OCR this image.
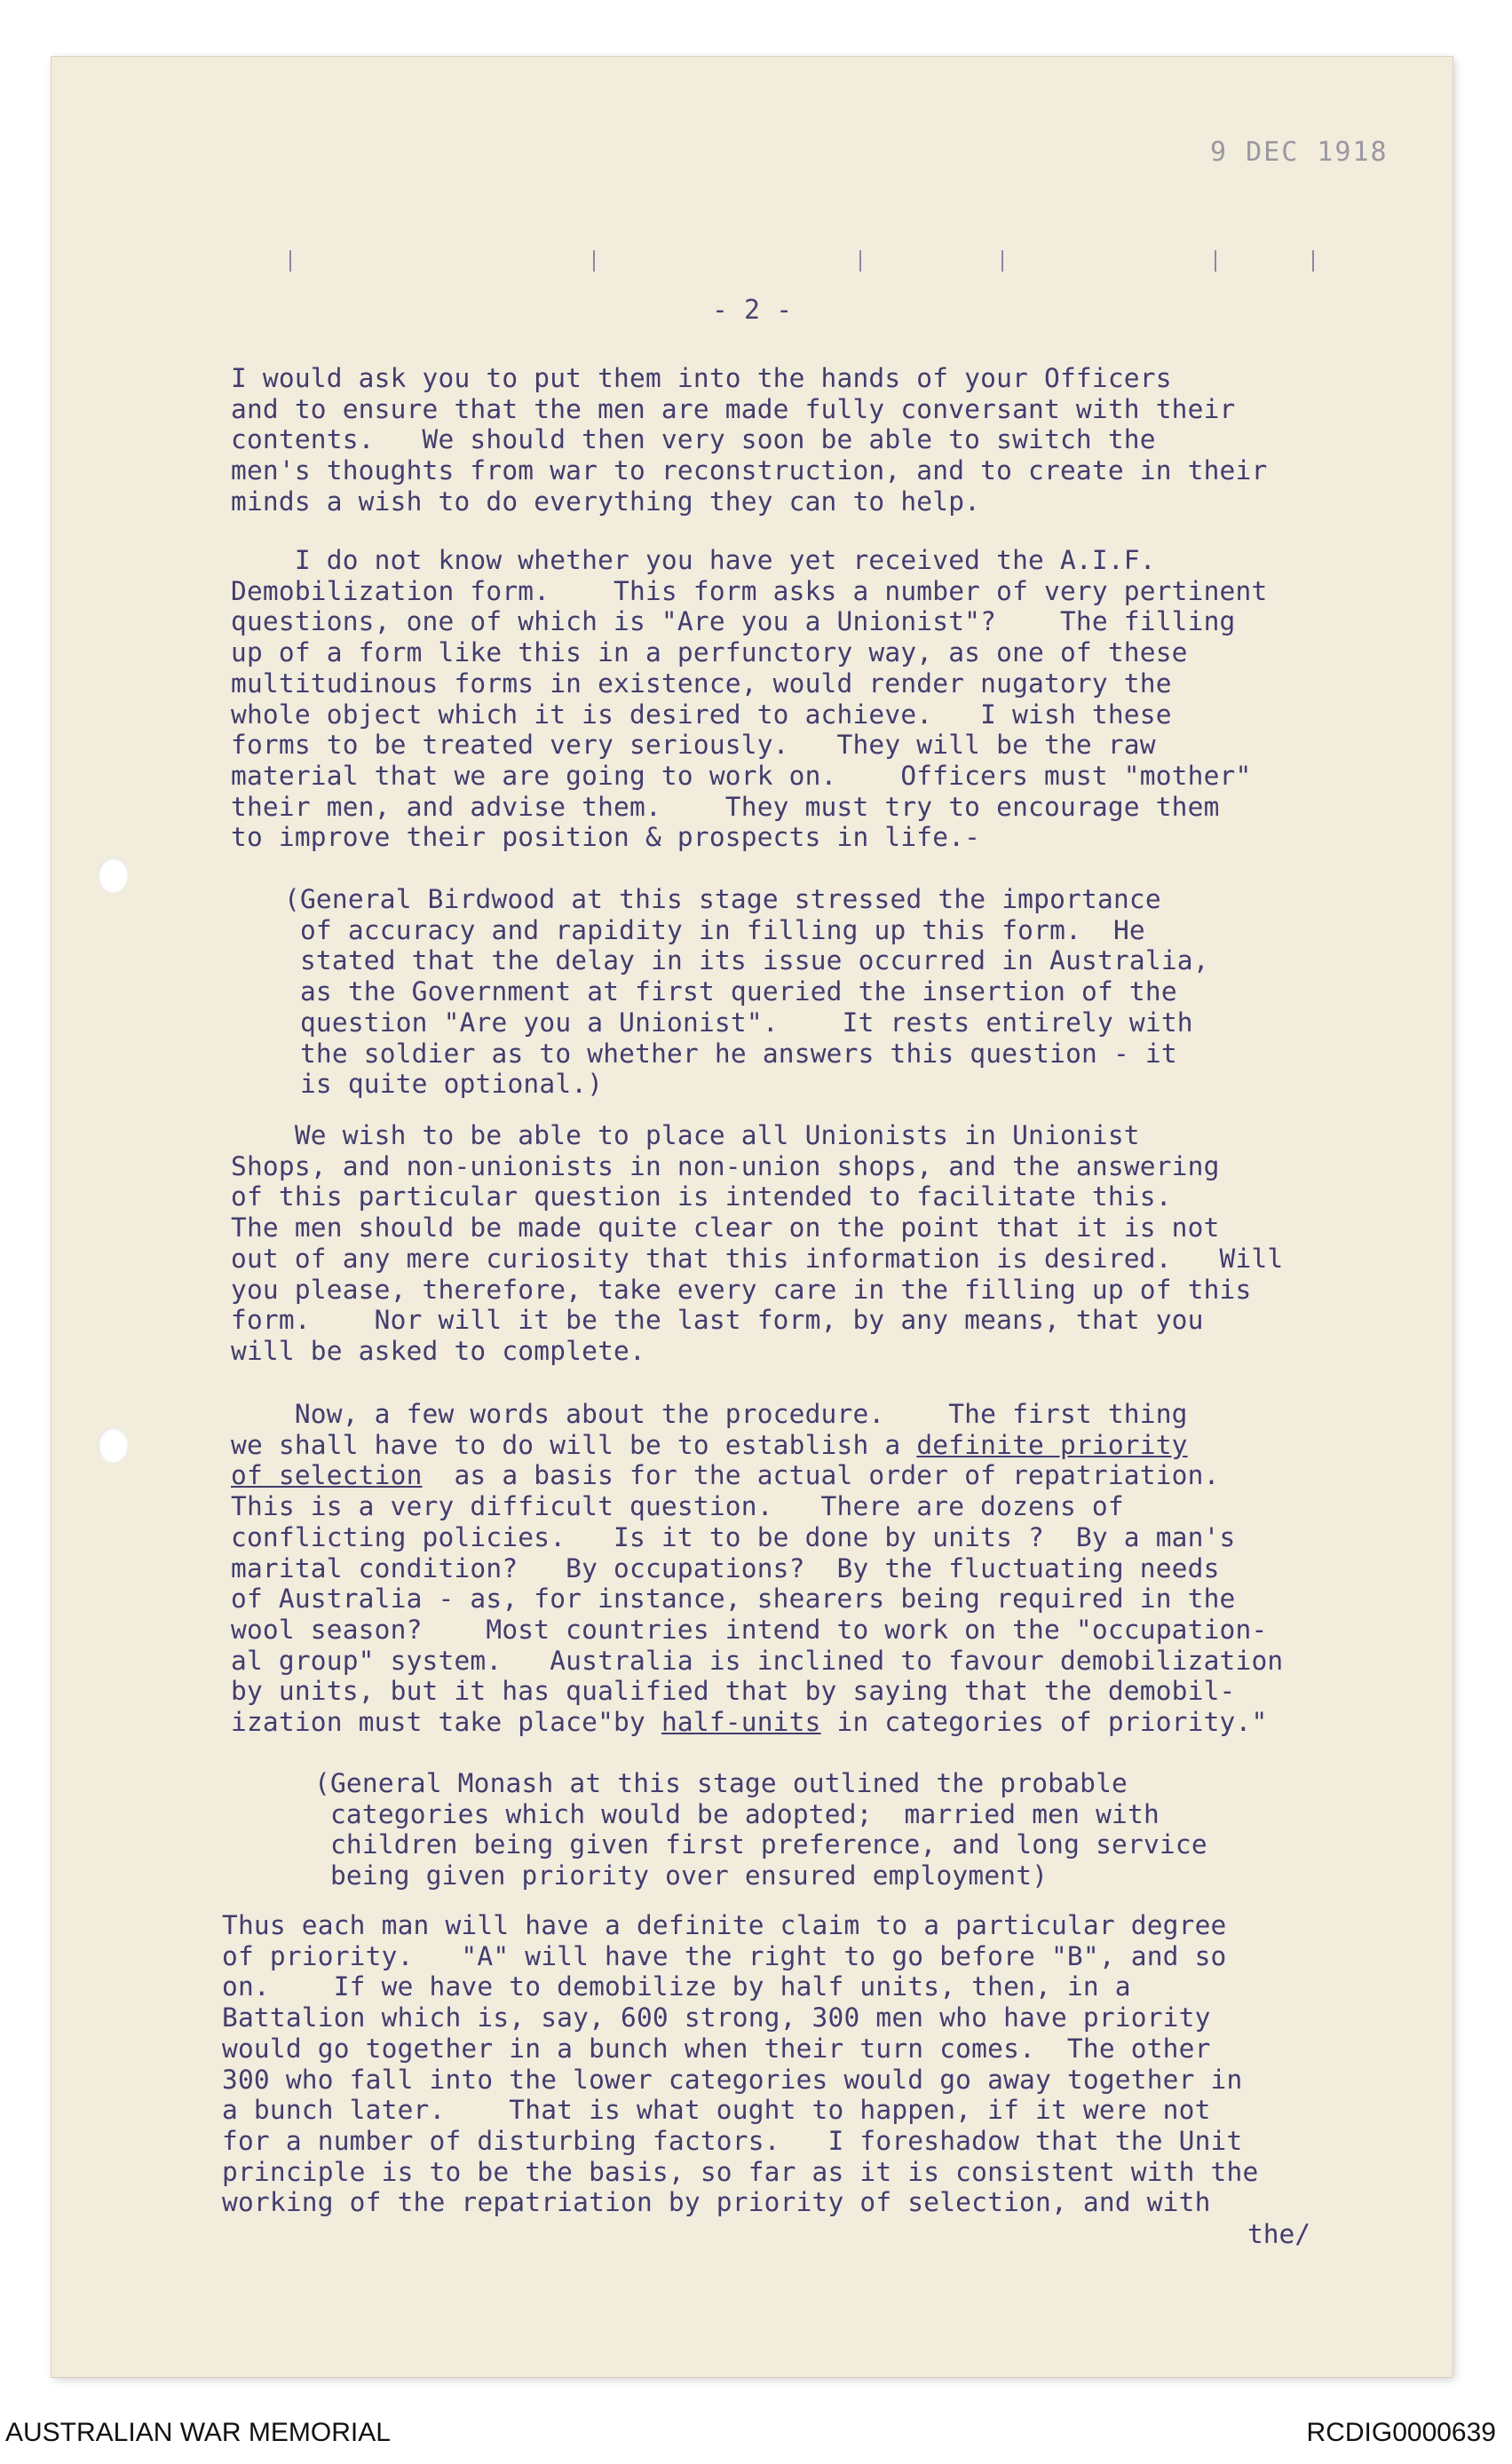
9 DEC 1918
- 2 -
I would ask you to put them into the hands of your Officers
and to ensure that the men are made fully conversant with their
contents.   We should then very soon be able to switch the
men's thoughts from war to reconstruction, and to create in their
minds a wish to do everything they can to help.
I do not know whether you have yet received the A.I.F.
Demobilization form.    This form asks a number of very pertinent
questions, one of which is "Are you a Unionist"?    The filling
up of a form like this in a perfunctory way, as one of these
multitudinous forms in existence, would render nugatory the
whole object which it is desired to achieve.   I wish these
forms to be treated very seriously.   They will be the raw
material that we are going to work on.    Officers must "mother"
their men, and advise them.    They must try to encourage them
to improve their position & prospects in life.-
(General Birdwood at this stage stressed the importance
of accuracy and rapidity in filling up this form.  He
stated that the delay in its issue occurred in Australia,
as the Government at first queried the insertion of the
question "Are you a Unionist".    It rests entirely with
the soldier as to whether he answers this question - it
is quite optional.)
We wish to be able to place all Unionists in Unionist
Shops, and non-unionists in non-union shops, and the answering
of this particular question is intended to facilitate this.
The men should be made quite clear on the point that it is not
out of any mere curiosity that this information is desired.   Will
you please, therefore, take every care in the filling up of this
form.    Nor will it be the last form, by any means, that you
will be asked to complete.
Now, a few words about the procedure.    The first thing
we shall have to do will be to establish a definite priority
of selection  as a basis for the actual order of repatriation.
This is a very difficult question.   There are dozens of
conflicting policies.   Is it to be done by units ?  By a man's
marital condition?   By occupations?  By the fluctuating needs
of Australia - as, for instance, shearers being required in the
wool season?    Most countries intend to work on the "occupation-
al group" system.   Australia is inclined to favour demobilization
by units, but it has qualified that by saying that the demobil-
ization must take place"by half-units in categories of priority."
(General Monash at this stage outlined the probable
categories which would be adopted;  married men with
children being given first preference, and long service
being given priority over ensured employment)
Thus each man will have a definite claim to a particular degree
of priority.   "A" will have the right to go before "B", and so
on.    If we have to demobilize by half units, then, in a
Battalion which is, say, 600 strong, 300 men who have priority
would go together in a bunch when their turn comes.  The other
300 who fall into the lower categories would go away together in
a bunch later.    That is what ought to happen, if it were not
for a number of disturbing factors.   I foreshadow that the Unit
principle is to be the basis, so far as it is consistent with the
working of the repatriation by priority of selection, and with
the/
AUSTRALIAN WAR MEMORIAL	RCDIG0000639
